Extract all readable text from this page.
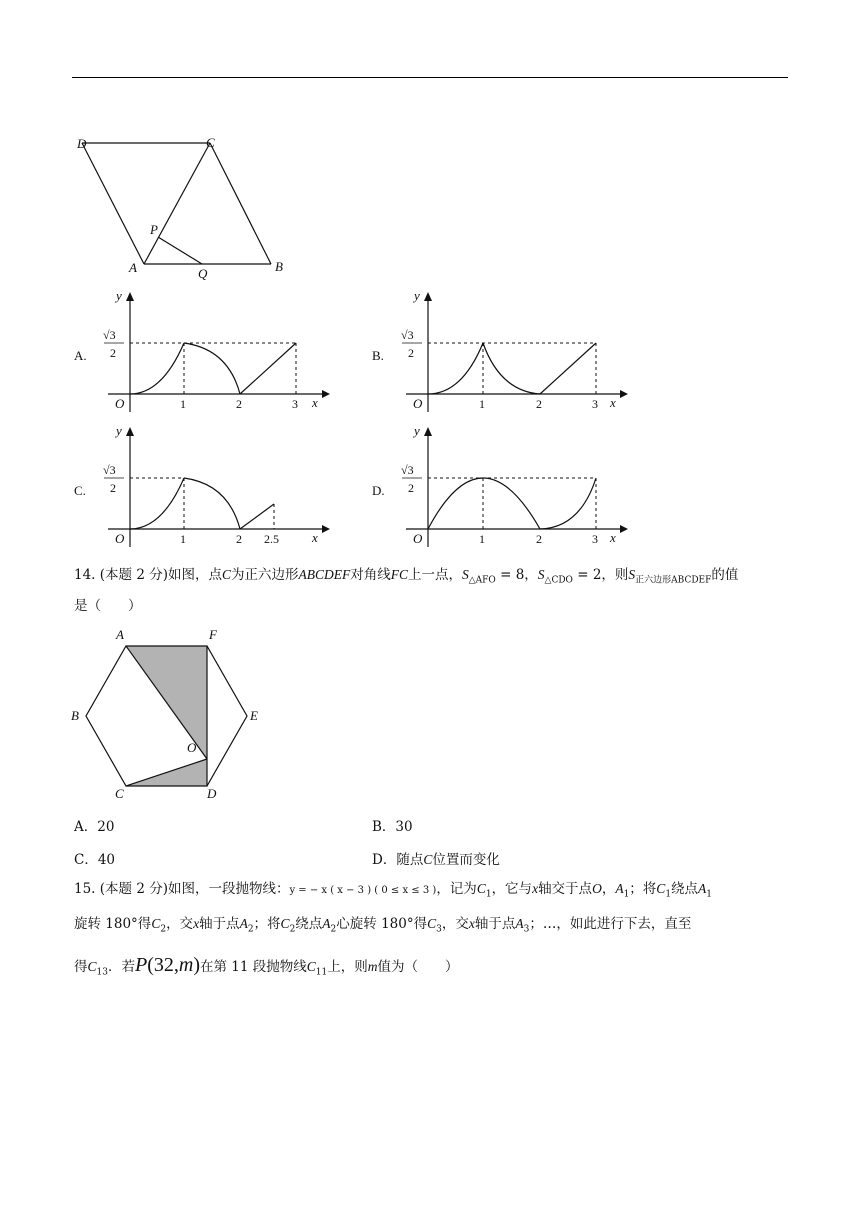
D	C
P
A	Q	B
A.
y
x
O
√3
2
1	2	3
B.
y
x
O
√3
2
1	2	3
C.
y
x
O
√3
2
1	2 2.5
D.
y
x
O
√3
2
1	2	3
14. (本题 2 分)如图，点C为正六边形ABCDEF对角线FC上一点，$S_{\triangle AFO} = 8$，$S_{\triangle CDO} = 2$，则$S_{正六边形ABCDEF}$的值
是（　　）
A	F
B	E
O
C	D
A．20	B．30
C．40	D．随点C位置而变化
15. (本题 2 分)如图，一段抛物线：y = − x ( x − 3 ) ( 0 ≤ x ≤ 3 )，记为$C_1$，它与x轴交于点O，$A_1$；将$C_1$绕点$A_1$
旋转 180°得$C_2$，交x轴于点$A_2$；将$C_2$绕点$A_2$心旋转 180°得$C_3$，交x轴于点$A_3$；…，如此进行下去，直至
得$C_{13}$．若P(32,m)在第 11 段抛物线$C_{11}$上，则m值为（　　）
